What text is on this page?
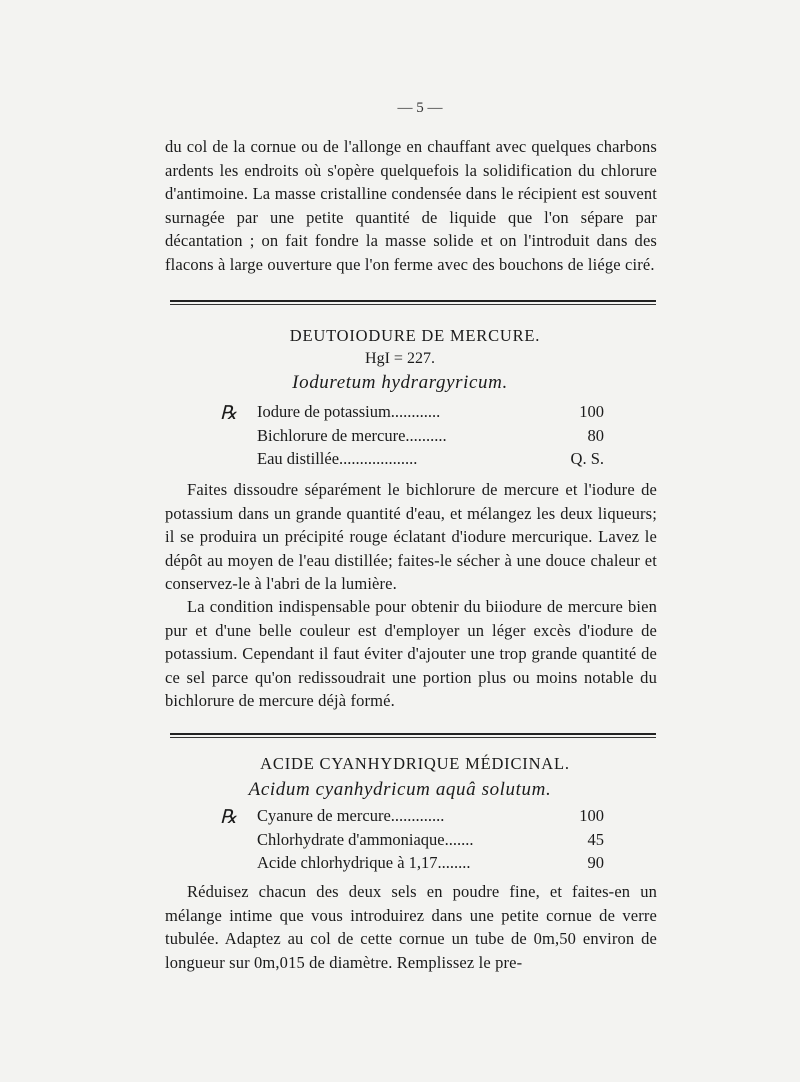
— 5 —
du col de la cornue ou de l'allonge en chauffant avec quelques charbons ardents les endroits où s'opère quelquefois la solidification du chlorure d'antimoine. La masse cristalline condensée dans le récipient est souvent surnagée par une petite quantité de liquide que l'on sépare par décantation ; on fait fondre la masse solide et on l'introduit dans des flacons à large ouverture que l'on ferme avec des bouchons de liége ciré.
DEUTOIODURE DE MERCURE.
HgI = 227.
Ioduretum hydrargyricum.
℞ Iodure de potassium............	100
Bichlorure de mercure..........	80
Eau distillée...................	Q. S.
Faites dissoudre séparément le bichlorure de mercure et l'iodure de potassium dans un grande quantité d'eau, et mélangez les deux liqueurs; il se produira un précipité rouge éclatant d'iodure mercurique. Lavez le dépôt au moyen de l'eau distillée; faites-le sécher à une douce chaleur et conservez-le à l'abri de la lumière.
La condition indispensable pour obtenir du biiodure de mercure bien pur et d'une belle couleur est d'employer un léger excès d'iodure de potassium. Cependant il faut éviter d'ajouter une trop grande quantité de ce sel parce qu'on redissoudrait une portion plus ou moins notable du bichlorure de mercure déjà formé.
ACIDE CYANHYDRIQUE MÉDICINAL.
Acidum cyanhydricum aquâ solutum.
℞ Cyanure de mercure.............	100
Chlorhydrate d'ammoniaque.......	45
Acide chlorhydrique à 1,17........	90
Réduisez chacun des deux sels en poudre fine, et faites-en un mélange intime que vous introduirez dans une petite cornue de verre tubulée. Adaptez au col de cette cornue un tube de 0m,50 environ de longueur sur 0m,015 de diamètre. Remplissez le pre-
